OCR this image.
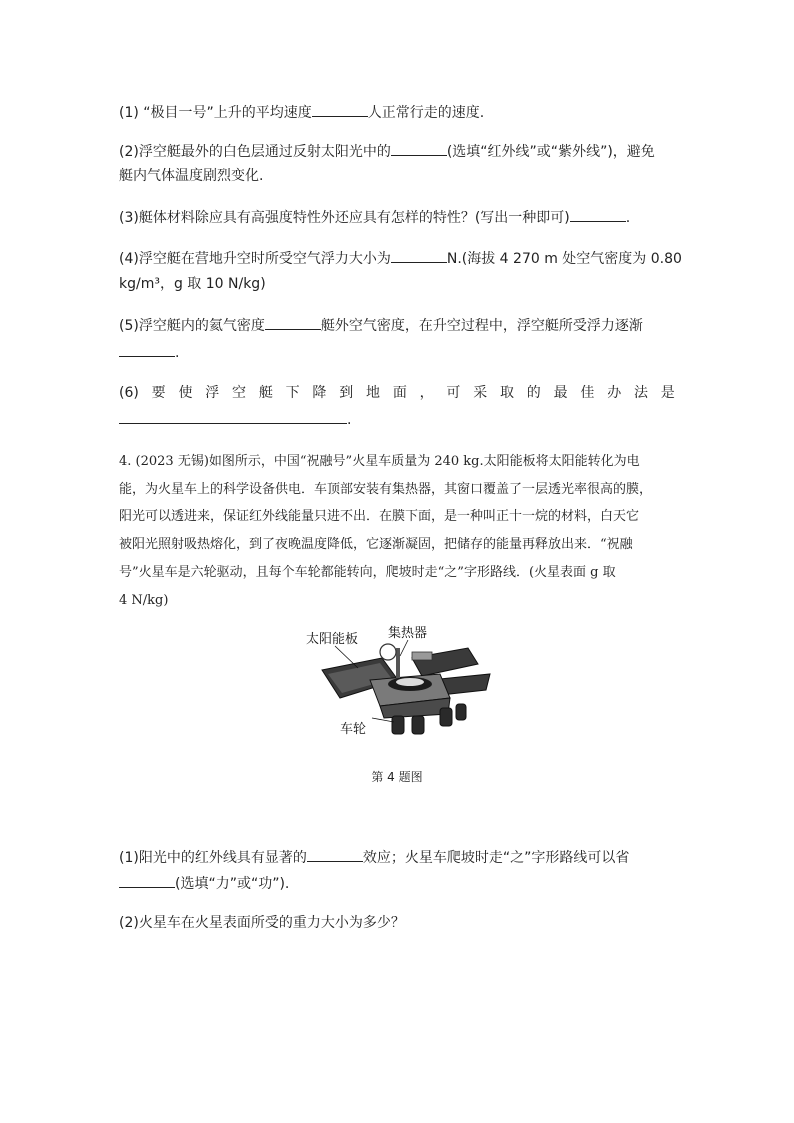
(1) “极目一号”上升的平均速度	人正常行走的速度.
(2)浮空艇最外的白色层通过反射太阳光中的	(选填“红外线”或“紫外线”)，避免
艇内气体温度剧烈变化.
(3)艇体材料除应具有高强度特性外还应具有怎样的特性？(写出一种即可)	.
(4)浮空艇在营地升空时所受空气浮力大小为	N.(海拔 4 270 m 处空气密度为 0.80
kg/m³，g 取 10 N/kg)
(5)浮空艇内的氦气密度	艇外空气密度，在升空过程中，浮空艇所受浮力逐渐
.
(6) 要 使 浮 空 艇 下 降 到 地 面 ， 可 采 取 的 最 佳 办 法 是
.
4. (2023 无锡)如图所示，中国“祝融号”火星车质量为 240 kg.太阳能板将太阳能转化为电
能，为火星车上的科学设备供电．车顶部安装有集热器，其窗口覆盖了一层透光率很高的膜，
阳光可以透进来，保证红外线能量只进不出．在膜下面，是一种叫正十一烷的材料，白天它
被阳光照射吸热熔化，到了夜晚温度降低，它逐渐凝固，把储存的能量再释放出来．“祝融
号”火星车是六轮驱动，且每个车轮都能转向，爬坡时走“之”字形路线．(火星表面 g 取
4 N/kg)
太阳能板 集热器
车轮
第 4 题图
(1)阳光中的红外线具有显著的	效应；火星车爬坡时走“之”字形路线可以省
(选填“力”或“功”).
(2)火星车在火星表面所受的重力大小为多少？
